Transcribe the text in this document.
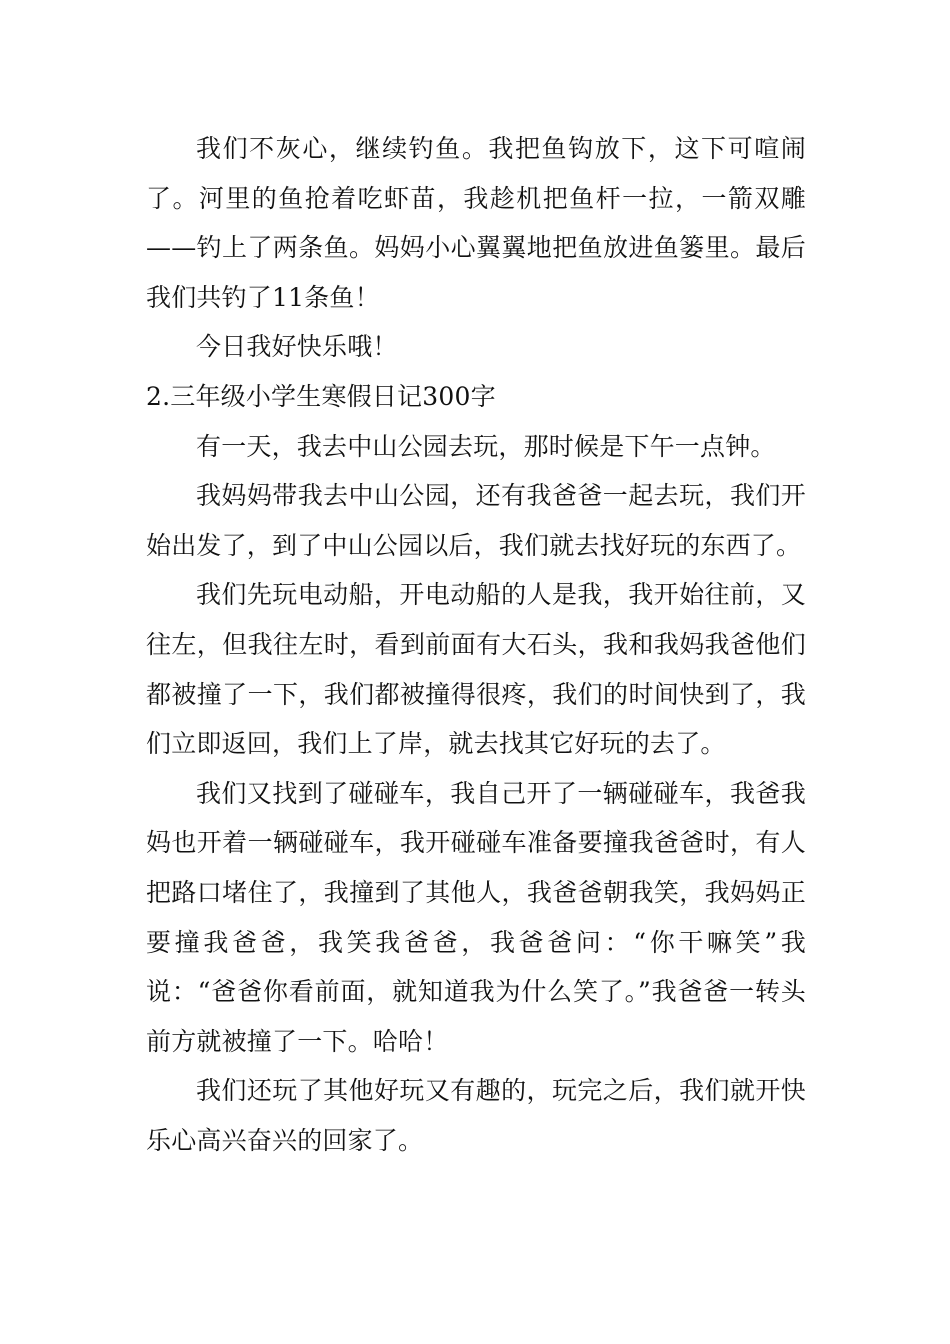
我们不灰心，继续钓鱼。我把鱼钩放下，这下可喧闹了。河里的鱼抢着吃虾苗，我趁机把鱼杆一拉，一箭双雕——钓上了两条鱼。妈妈小心翼翼地把鱼放进鱼篓里。最后我们共钓了11条鱼！

今日我好快乐哦！

2.三年级小学生寒假日记300字

有一天，我去中山公园去玩，那时候是下午一点钟。

我妈妈带我去中山公园，还有我爸爸一起去玩，我们开始出发了，到了中山公园以后，我们就去找好玩的东西了。

我们先玩电动船，开电动船的人是我，我开始往前，又往左，但我往左时，看到前面有大石头，我和我妈我爸他们都被撞了一下，我们都被撞得很疼，我们的时间快到了，我们立即返回，我们上了岸，就去找其它好玩的去了。

我们又找到了碰碰车，我自己开了一辆碰碰车，我爸我妈也开着一辆碰碰车，我开碰碰车准备要撞我爸爸时，有人把路口堵住了，我撞到了其他人，我爸爸朝我笑，我妈妈正要撞我爸爸，我笑我爸爸，我爸爸问：“你干嘛笑”我说：“爸爸你看前面，就知道我为什么笑了。”我爸爸一转头前方就被撞了一下。哈哈！

我们还玩了其他好玩又有趣的，玩完之后，我们就开快乐心高兴奋兴的回家了。
